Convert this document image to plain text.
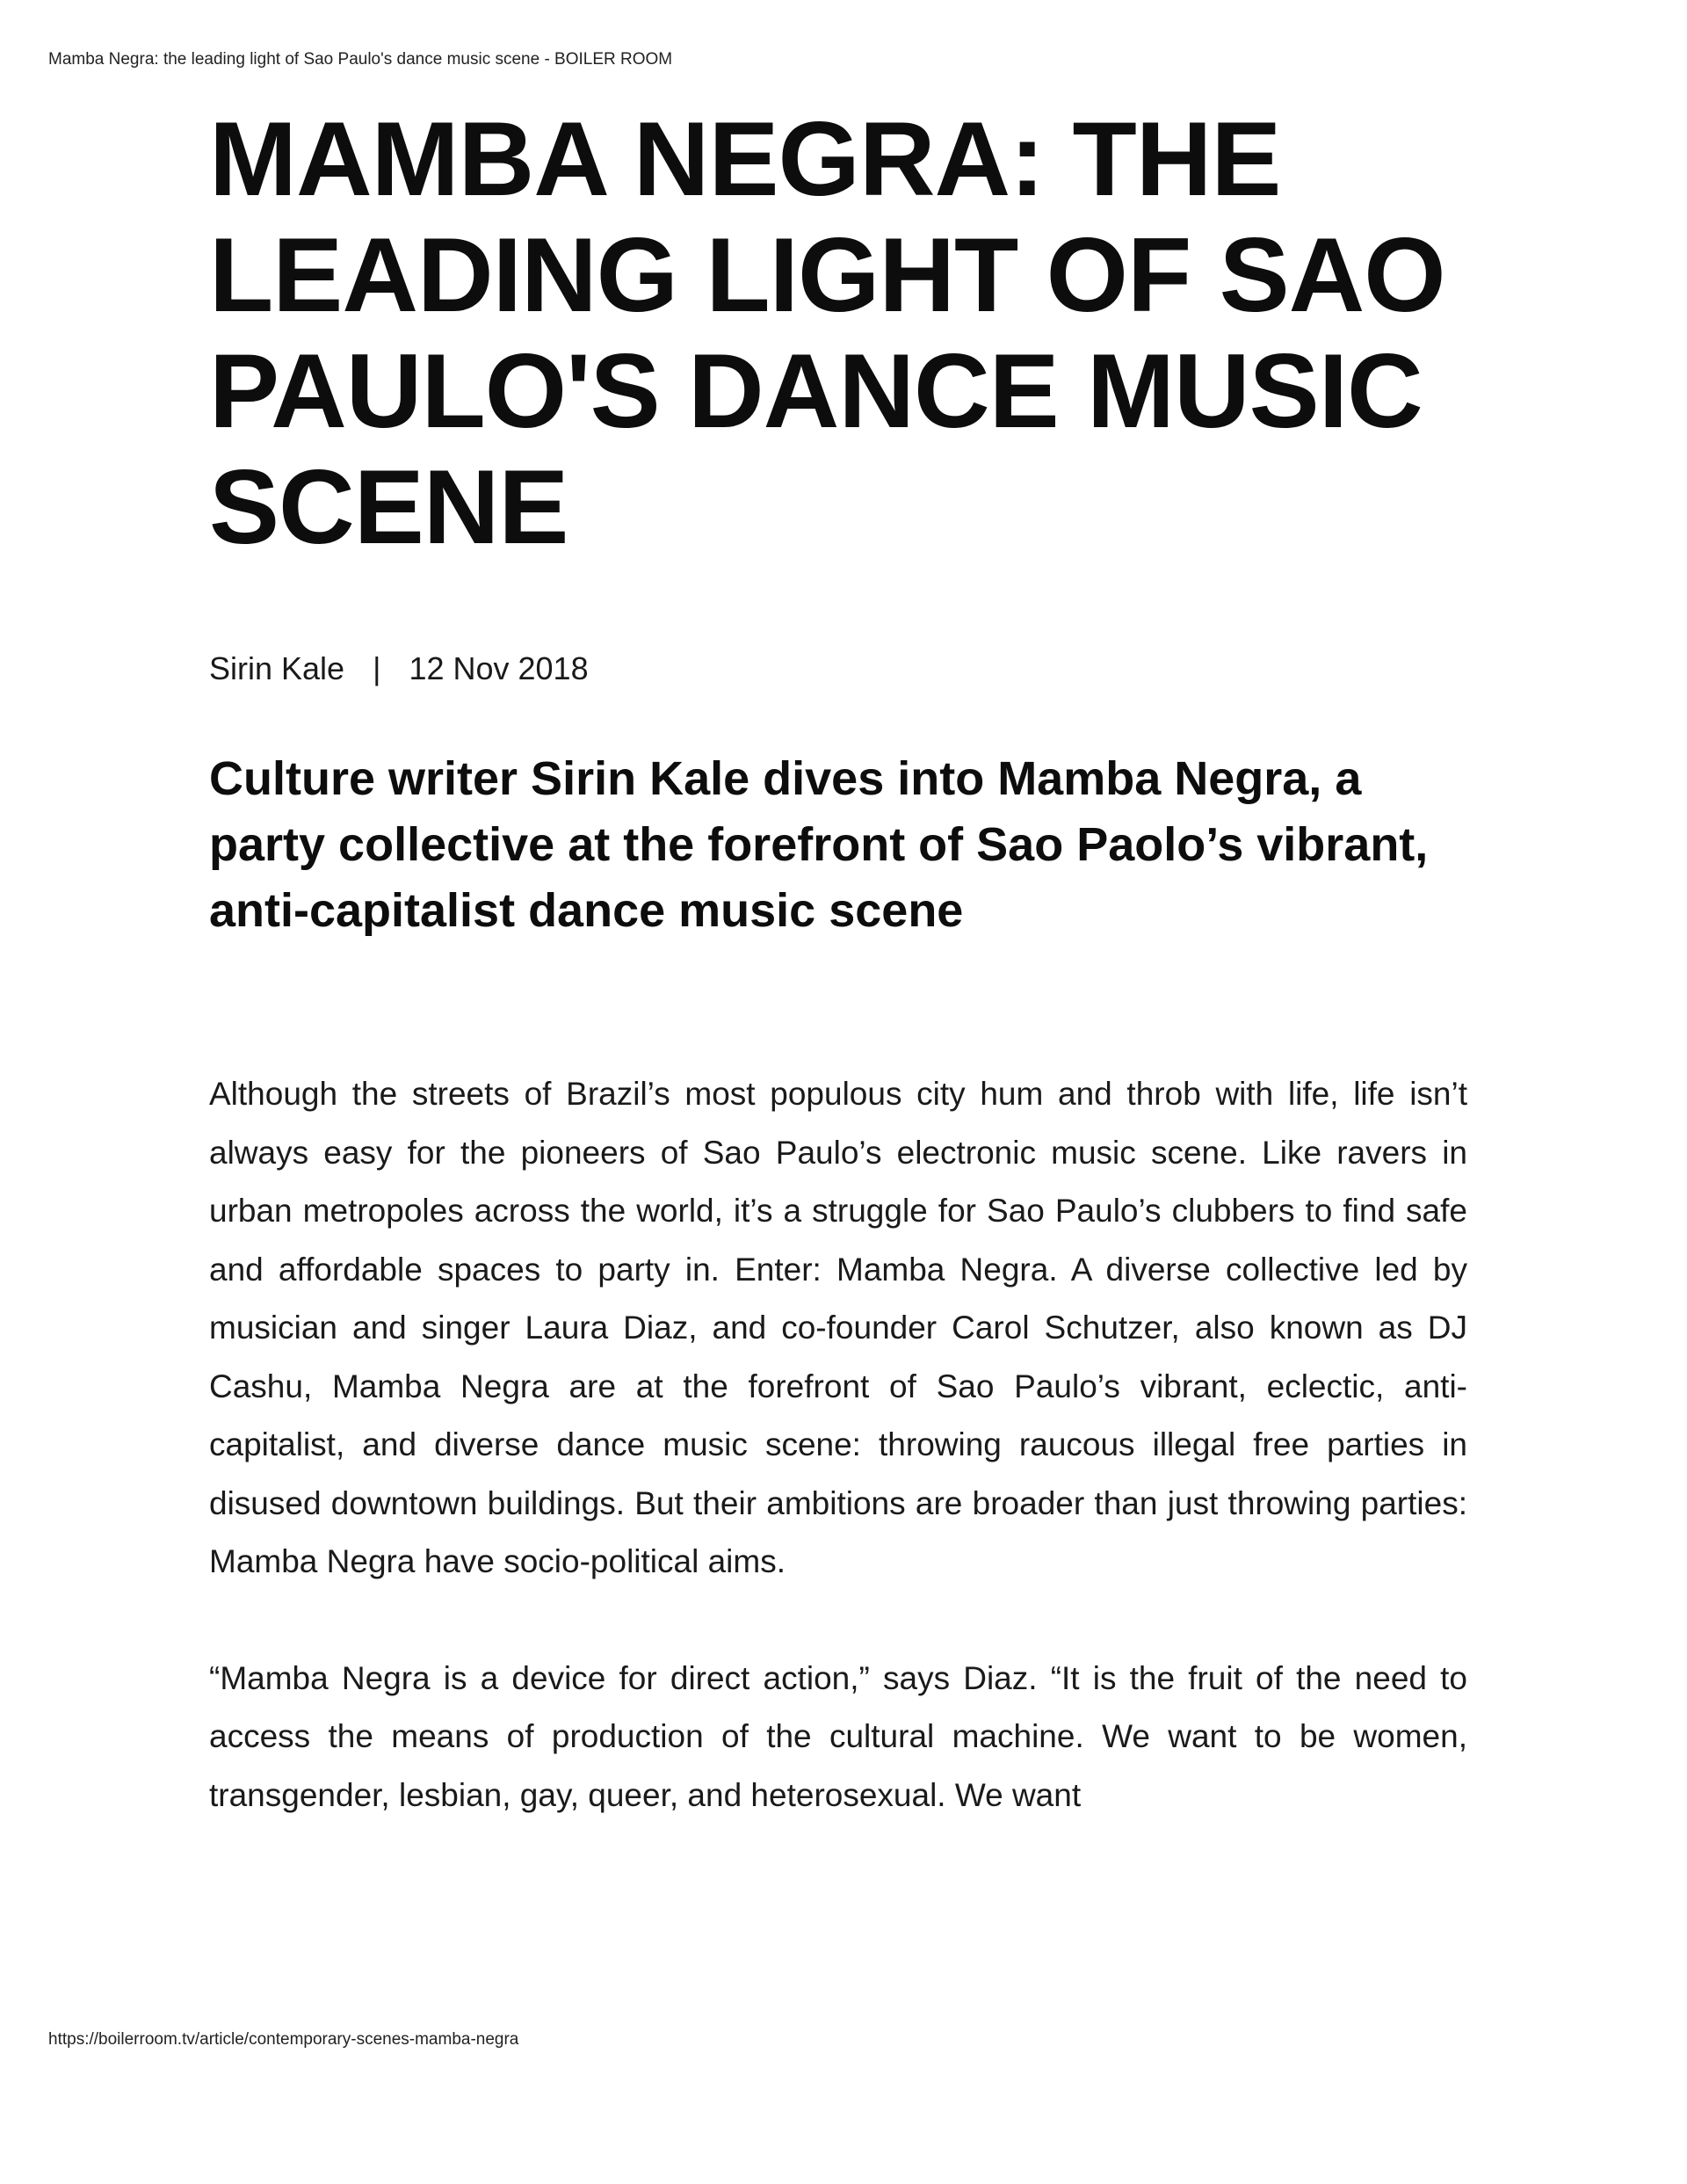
Mamba Negra: the leading light of Sao Paulo's dance music scene - BOILER ROOM
MAMBA NEGRA: THE LEADING LIGHT OF SAO PAULO'S DANCE MUSIC SCENE
Sirin Kale | 12 Nov 2018
Culture writer Sirin Kale dives into Mamba Negra, a party collective at the forefront of Sao Paolo’s vibrant, anti-capitalist dance music scene

Although the streets of Brazil’s most populous city hum and throb with life, life isn’t always easy for the pioneers of Sao Paulo’s electronic music scene. Like ravers in urban metropoles across the world, it’s a struggle for Sao Paulo’s clubbers to find safe and affordable spaces to party in. Enter: Mamba Negra. A diverse collective led by musician and singer Laura Diaz, and co-founder Carol Schutzer, also known as DJ Cashu, Mamba Negra are at the forefront of Sao Paulo’s vibrant, eclectic, anti-capitalist, and diverse dance music scene: throwing raucous illegal free parties in disused downtown buildings. But their ambitions are broader than just throwing parties: Mamba Negra have socio-political aims.

“Mamba Negra is a device for direct action,” says Diaz. “It is the fruit of the need to access the means of production of the cultural machine. We want to be women, transgender, lesbian, gay, queer, and heterosexual. We want

https://boilerroom.tv/article/contemporary-scenes-mamba-negra
